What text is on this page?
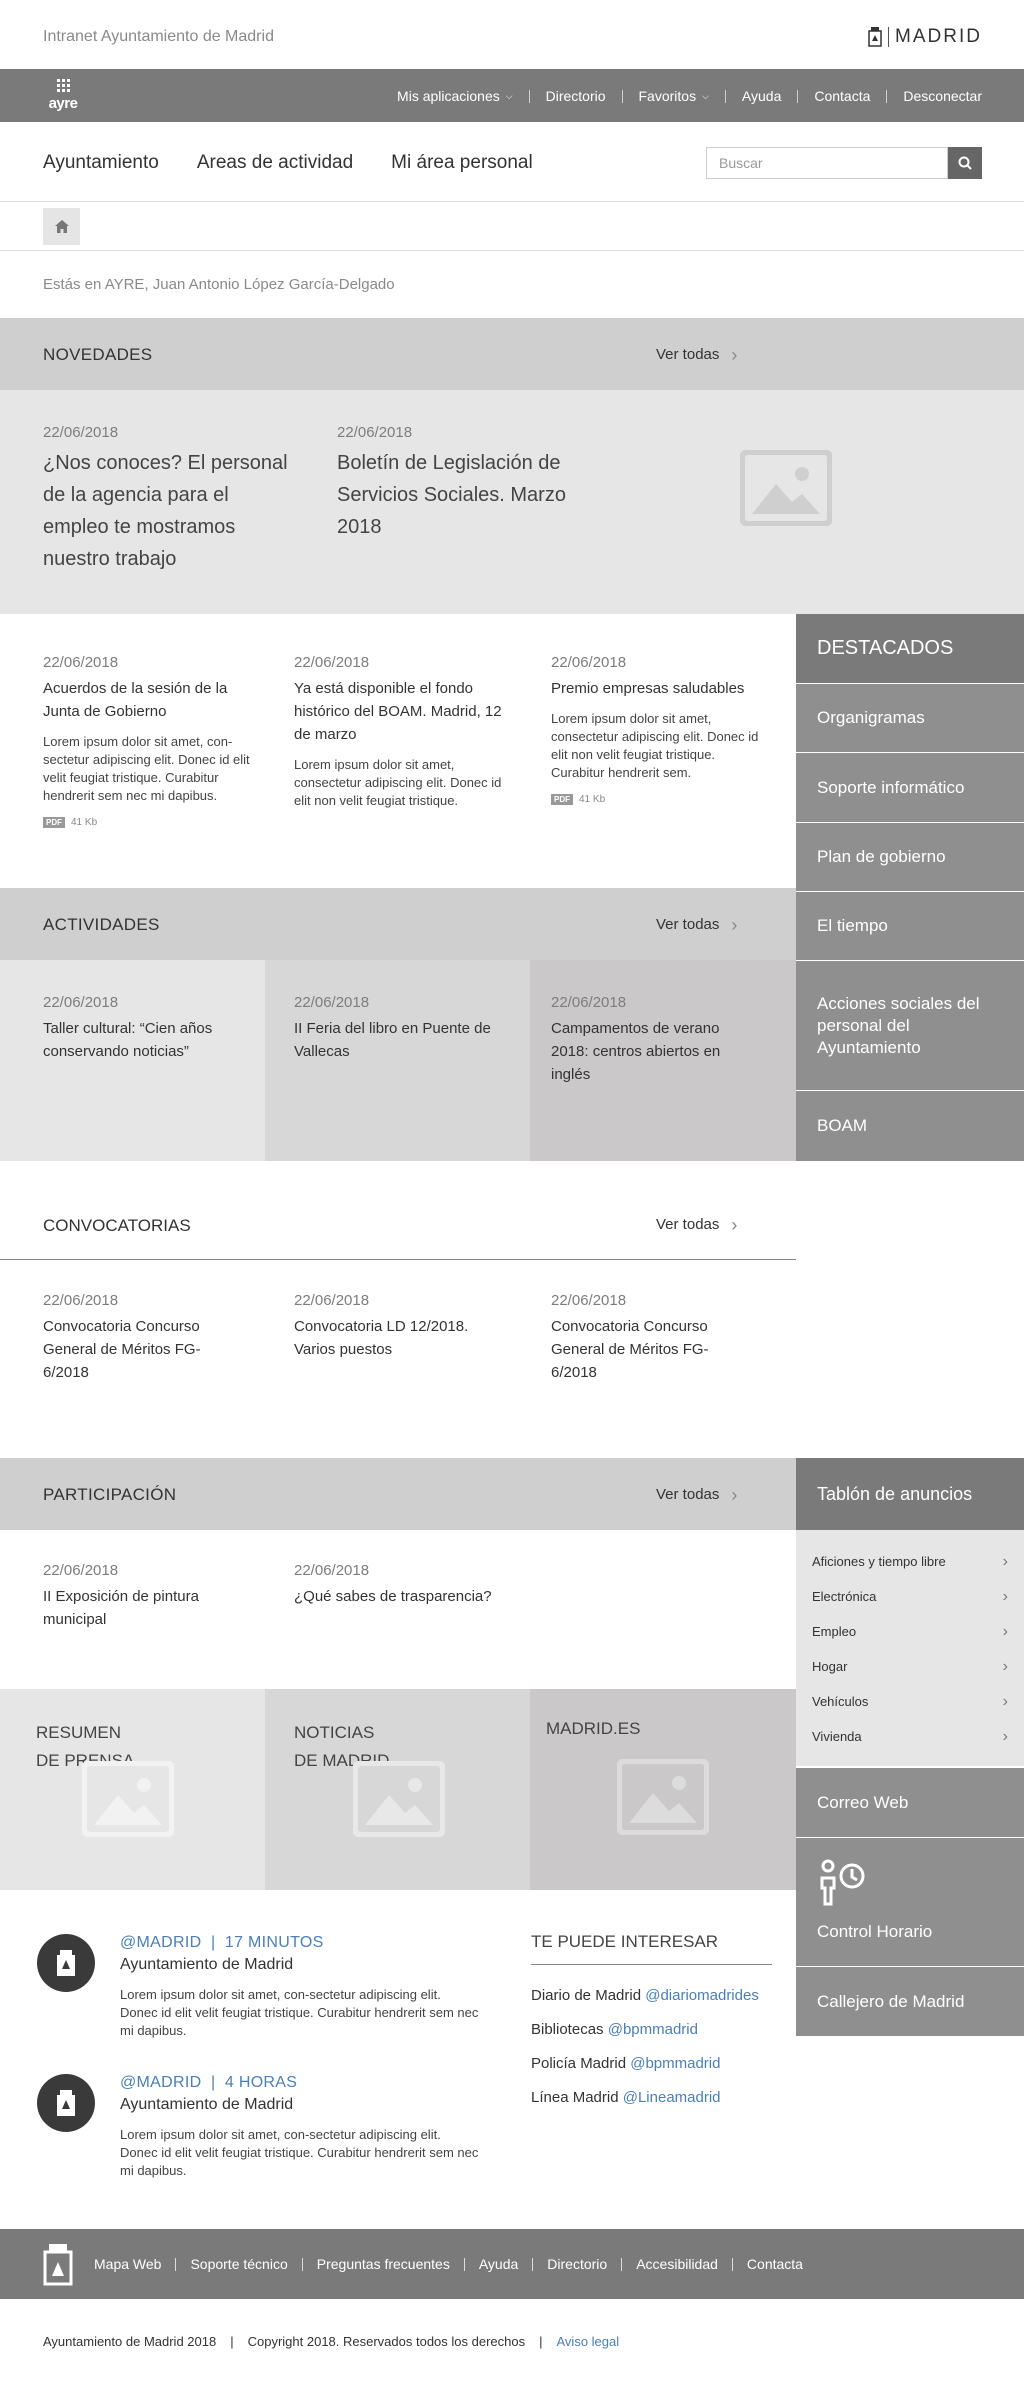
Intranet Ayuntamiento de Madrid	MADRID
ayre	Mis aplicaciones ⌵ Directorio Favoritos ⌵ Ayuda Contacta Desconectar
Ayuntamiento Areas de actividad Mi área personal
Buscar
Estás en AYRE, Juan Antonio López García-Delgado
NOVEDADES	Ver todas ›
22/06/2018
¿Nos conoces? El personal de la agencia para el empleo te mostramos nuestro trabajo
22/06/2018
Boletín de Legislación de Servicios Sociales. Marzo 2018
22/06/2018
Acuerdos de la sesión de la Junta de Gobierno
Lorem ipsum dolor sit amet, con-sectetur adipiscing elit. Donec id elit velit feugiat tristique. Curabitur hendrerit sem nec mi dapibus.
PDF 41 Kb
22/06/2018
Ya está disponible el fondo histórico del BOAM. Madrid, 12 de marzo
Lorem ipsum dolor sit amet, consectetur adipiscing elit. Donec id elit non velit feugiat tristique.
22/06/2018
Premio empresas saludables
Lorem ipsum dolor sit amet, consectetur adipiscing elit. Donec id elit non velit feugiat tristique. Curabitur hendrerit sem.
PDF 41 Kb
DESTACADOS
Organigramas
Soporte informático
Plan de gobierno
El tiempo
Acciones sociales del personal del Ayuntamiento
BOAM
ACTIVIDADES	Ver todas ›
22/06/2018
Taller cultural: “Cien años conservando noticias”
22/06/2018
II Feria del libro en Puente de Vallecas
22/06/2018
Campamentos de verano 2018: centros abiertos en inglés
CONVOCATORIAS	Ver todas ›
22/06/2018
Convocatoria Concurso General de Méritos FG-6/2018
22/06/2018
Convocatoria LD 12/2018. Varios puestos
22/06/2018
Convocatoria Concurso General de Méritos FG-6/2018
PARTICIPACIÓN	Ver todas ›
22/06/2018
II Exposición de pintura municipal
22/06/2018
¿Qué sabes de trasparencia?
Tablón de anuncios
Aficiones y tiempo libre	›
Electrónica	›
Empleo	›
Hogar	›
Vehículos	›
Vivienda	›
RESUMEN
DE PRENSA
NOTICIAS
DE MADRID
MADRID.ES
Correo Web
Control Horario
Callejero de Madrid
@MADRID  |  17 MINUTOS
Ayuntamiento de Madrid
Lorem ipsum dolor sit amet, con-sectetur adipiscing elit. Donec id elit velit feugiat tristique. Curabitur hendrerit sem nec mi dapibus.
@MADRID  |  4 HORAS
Ayuntamiento de Madrid
Lorem ipsum dolor sit amet, con-sectetur adipiscing elit. Donec id elit velit feugiat tristique. Curabitur hendrerit sem nec mi dapibus.
TE PUEDE INTERESAR
Diario de Madrid @diariomadrides
Bibliotecas @bpmmadrid
Policía Madrid @bpmmadrid
Línea Madrid @Lineamadrid
Mapa Web Soporte técnico Preguntas frecuentes Ayuda Directorio Accesibilidad Contacta
Ayuntamiento de Madrid 2018 | Copyright 2018. Reservados todos los derechos | Aviso legal
